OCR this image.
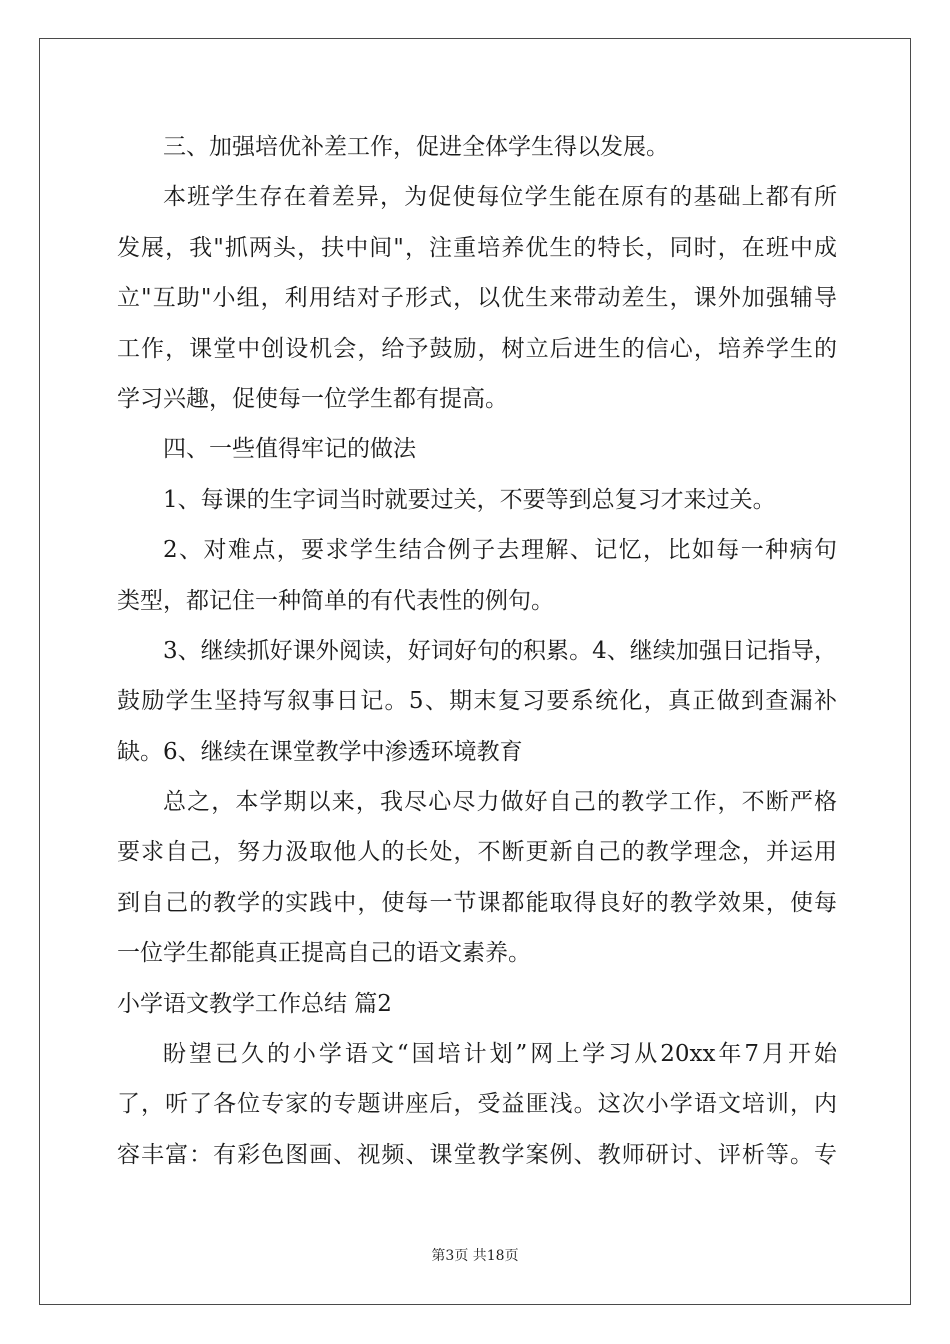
三、加强培优补差工作，促进全体学生得以发展。
本班学生存在着差异，为促使每位学生能在原有的基础上都有所
发展，我"抓两头，扶中间"，注重培养优生的特长，同时，在班中成
立"互助"小组，利用结对子形式，以优生来带动差生，课外加强辅导
工作，课堂中创设机会，给予鼓励，树立后进生的信心，培养学生的
学习兴趣，促使每一位学生都有提高。
四、一些值得牢记的做法
1、每课的生字词当时就要过关，不要等到总复习才来过关。
2、对难点，要求学生结合例子去理解、记忆，比如每一种病句
类型，都记住一种简单的有代表性的例句。
3、继续抓好课外阅读，好词好句的积累。4、继续加强日记指导，
鼓励学生坚持写叙事日记。5、期末复习要系统化，真正做到查漏补
缺。6、继续在课堂教学中渗透环境教育
总之，本学期以来，我尽心尽力做好自己的教学工作，不断严格
要求自己，努力汲取他人的长处，不断更新自己的教学理念，并运用
到自己的教学的实践中，使每一节课都能取得良好的教学效果，使每
一位学生都能真正提高自己的语文素养。
小学语文教学工作总结 篇2
盼望已久的小学语文“国培计划”网上学习从20xx年7月开始
了，听了各位专家的专题讲座后，受益匪浅。这次小学语文培训，内
容丰富：有彩色图画、视频、课堂教学案例、教师研讨、评析等。专
第3页 共18页
